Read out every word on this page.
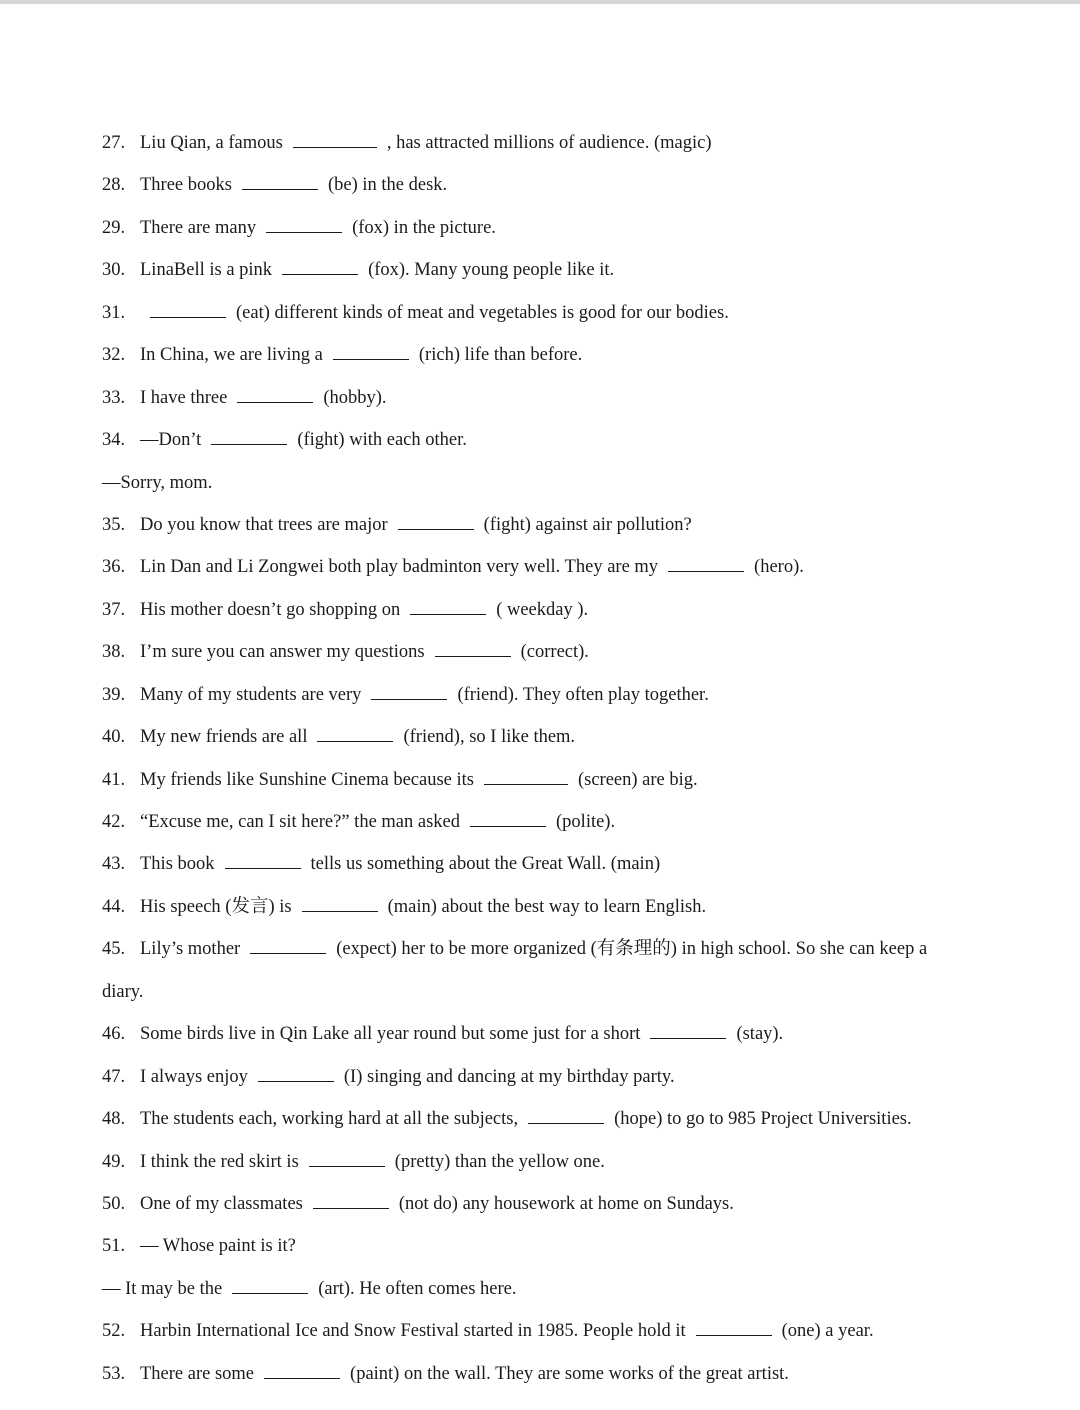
27. Liu Qian, a famous	, has attracted millions of audience. (magic)
28. Three books	(be) in the desk.
29. There are many	(fox) in the picture.
30. LinaBell is a pink	(fox). Many young people like it.
31.	(eat) different kinds of meat and vegetables is good for our bodies.
32. In China, we are living a	(rich) life than before.
33. I have three	(hobby).
34. —Don’t	(fight) with each other.
—Sorry, mom.
35. Do you know that trees are major	(fight) against air pollution?
36. Lin Dan and Li Zongwei both play badminton very well. They are my	(hero).
37. His mother doesn’t go shopping on	( weekday ).
38. I’m sure you can answer my questions	(correct).
39. Many of my students are very	(friend). They often play together.
40. My new friends are all	(friend), so I like them.
41. My friends like Sunshine Cinema because its	(screen) are big.
42. “Excuse me, can I sit here?” the man asked	(polite).
43. This book	tells us something about the Great Wall. (main)
44. His speech (发言) is	(main) about the best way to learn English.
45. Lily’s mother	(expect) her to be more organized (有条理的) in high school. So she can keep a
diary.
46. Some birds live in Qin Lake all year round but some just for a short	(stay).
47. I always enjoy	(I) singing and dancing at my birthday party.
48. The students each, working hard at all the subjects,	(hope) to go to 985 Project Universities.
49. I think the red skirt is	(pretty) than the yellow one.
50. One of my classmates	(not do) any housework at home on Sundays.
51. — Whose paint is it?
— It may be the	(art). He often comes here.
52. Harbin International Ice and Snow Festival started in 1985. People hold it	(one) a year.
53. There are some	(paint) on the wall. They are some works of the great artist.
